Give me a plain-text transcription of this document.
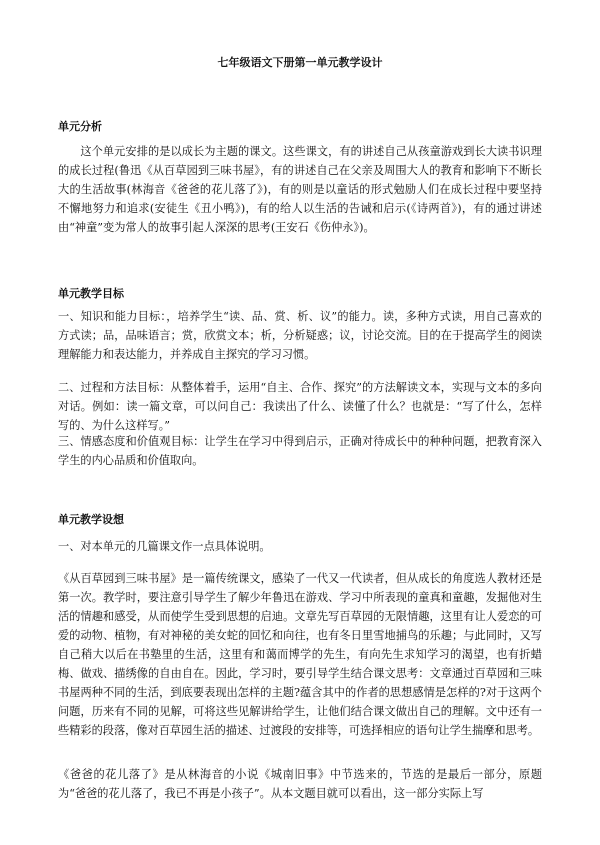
七年级语文下册第一单元教学设计
单元分析

这个单元安排的是以成长为主题的课文。这些课文，有的讲述自己从孩童游戏到长大读书识理的成长过程(鲁迅《从百草园到三味书屋》，有的讲述自己在父亲及周围大人的教育和影响下不断长大的生活故事(林海音《爸爸的花儿落了》)，有的则是以童话的形式勉励人们在成长过程中要坚持不懈地努力和追求(安徒生《丑小鸭》)，有的给人以生活的告诫和启示(《诗两首》)，有的通过讲述由“神童”变为常人的故事引起人深深的思考(王安石《伤仲永》)。

单元教学目标

一、知识和能力目标：，培养学生“读、品、赏、析、议”的能力。读，多种方式读，用自己喜欢的方式读；品，品味语言；赏，欣赏文本；析，分析疑惑；议，讨论交流。目的在于提高学生的阅读理解能力和表达能力，并养成自主探究的学习习惯。

二、过程和方法目标：从整体着手，运用“自主、合作、探究”的方法解读文本，实现与文本的多向对话。例如：读一篇文章，可以问自己：我读出了什么、读懂了什么？也就是：“写了什么，怎样写的、为什么这样写。”

三、情感态度和价值观目标：让学生在学习中得到启示，正确对待成长中的种种问题，把教育深入学生的内心品质和价值取向。

单元教学设想

一、对本单元的几篇课文作一点具体说明。

《从百草园到三味书屋》是一篇传统课文，感染了一代又一代读者，但从成长的角度选人教材还是第一次。教学时，要注意引导学生了解少年鲁迅在游戏、学习中所表现的童真和童趣，发掘他对生活的情趣和感受，从而使学生受到思想的启迪。文章先写百草园的无限情趣，这里有让人爱恋的可爱的动物、植物，有对神秘的美女蛇的回忆和向往，也有冬日里雪地捕鸟的乐趣；与此同时，又写自己稍大以后在书塾里的生活，这里有和蔼而博学的先生，有向先生求知学习的渴望，也有折蜡梅、做戏、描绣像的自由自在。因此，学习时，要引导学生结合课文思考：文章通过百草园和三味书屋两种不同的生活，到底要表现出怎样的主题?蕴含其中的作者的思想感情是怎样的?对于这两个问题，历来有不同的见解，可将这些见解讲给学生，让他们结合课文做出自己的理解。文中还有一些精彩的段落，像对百草园生活的描述、过渡段的安排等，可选择相应的语句让学生揣摩和思考。

《爸爸的花儿落了》是从林海音的小说《城南旧事》中节选来的，节选的是最后一部分，原题为“爸爸的花儿落了，我已不再是小孩子”。从本文题目就可以看出，这一部分实际上写
